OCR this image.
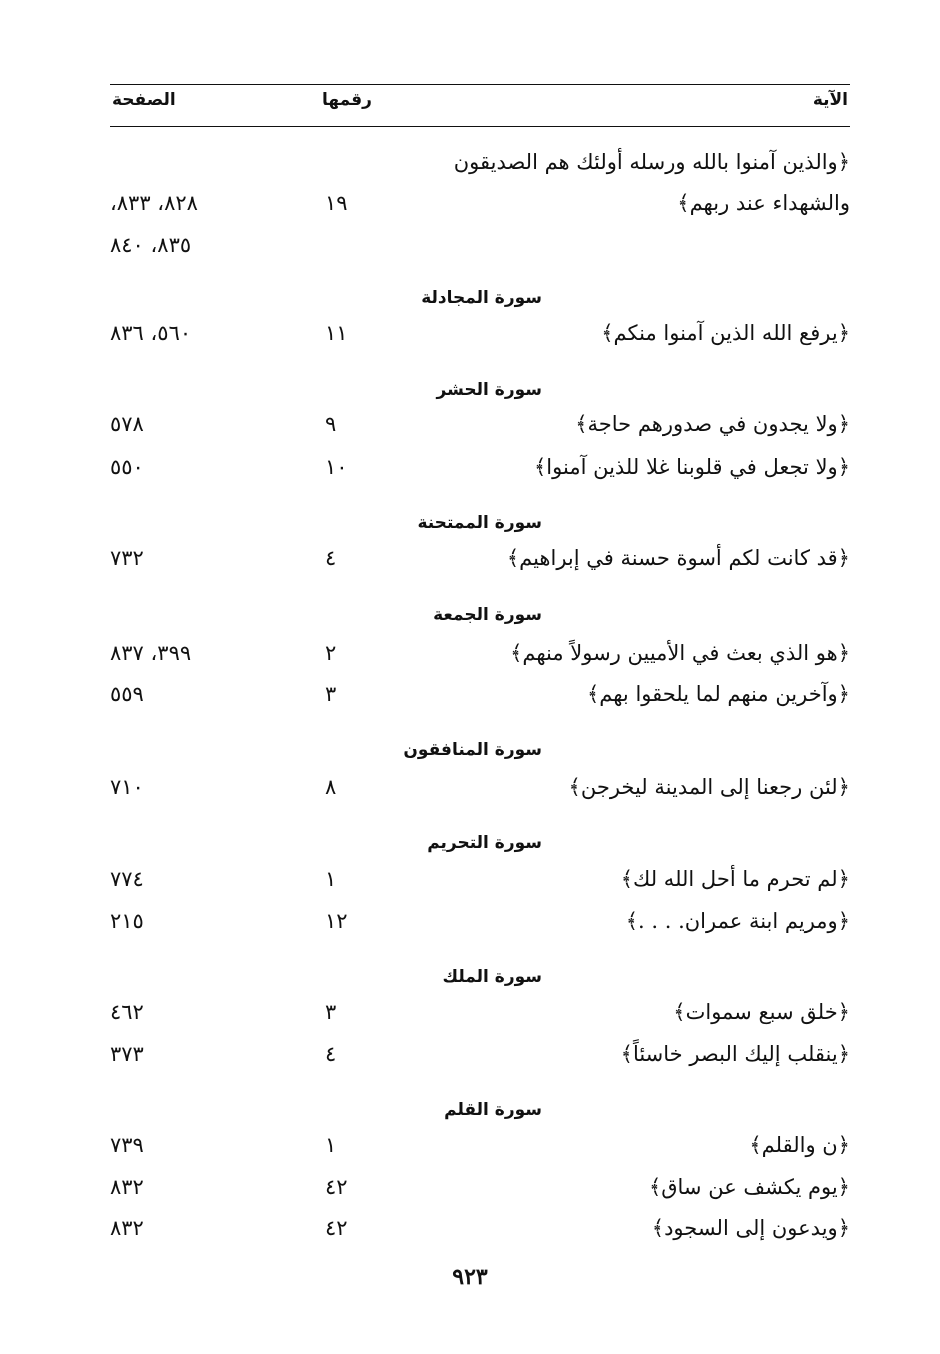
الآية
رقمها
الصفحة
﴿والذين آمنوا بالله ورسله أولئك هم الصديقون
والشهداء عند ربهم﴾
١٩
٨٢٨، ٨٣٣،
٨٣٥، ٨٤٠
سورة المجادلة
﴿يرفع الله الذين آمنوا منكم﴾
١١
٥٦٠، ٨٣٦
سورة الحشر
﴿ولا يجدون في صدورهم حاجة﴾
٩
٥٧٨
﴿ولا تجعل في قلوبنا غلا للذين آمنوا﴾
١٠
٥٥٠
سورة الممتحنة
﴿قد كانت لكم أسوة حسنة في إبراهيم﴾
٤
٧٣٢
سورة الجمعة
﴿هو الذي بعث في الأميين رسولاً منهم﴾
٢
٣٩٩، ٨٣٧
﴿وآخرين منهم لما يلحقوا بهم﴾
٣
٥٥٩
سورة المنافقون
﴿لئن رجعنا إلى المدينة ليخرجن﴾
٨
٧١٠
سورة التحريم
﴿لم تحرم ما أحل الله لك﴾
١
٧٧٤
﴿ومريم ابنة عمران. . . .﴾
١٢
٢١٥
سورة الملك
﴿خلق سبع سموات﴾
٣
٤٦٢
﴿ينقلب إليك البصر خاسئاً﴾
٤
٣٧٣
سورة القلم
﴿ن والقلم﴾
١
٧٣٩
﴿يوم يكشف عن ساق﴾
٤٢
٨٣٢
﴿ويدعون إلى السجود﴾
٤٢
٨٣٢
٩٢٣
